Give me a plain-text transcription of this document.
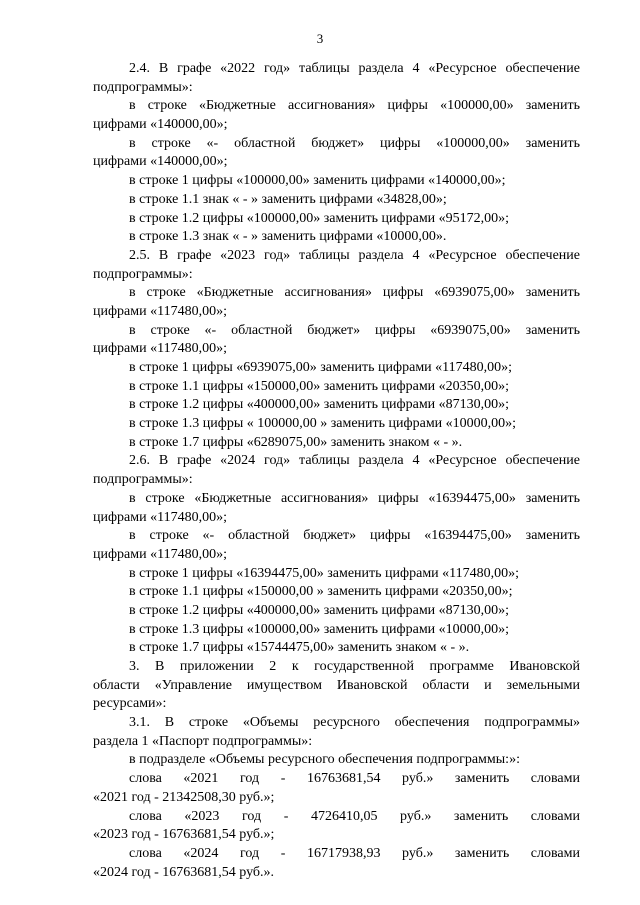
3
2.4. В графе «2022 год» таблицы раздела 4 «Ресурсное обеспечение
подпрограммы»:
в строке «Бюджетные ассигнования» цифры «100000,00» заменить
цифрами «140000,00»;
в строке «- областной бюджет» цифры «100000,00» заменить
цифрами «140000,00»;
в строке 1 цифры «100000,00» заменить цифрами «140000,00»;
в строке 1.1 знак « - » заменить цифрами «34828,00»;
в строке 1.2 цифры «100000,00» заменить цифрами «95172,00»;
в строке 1.3 знак « - » заменить цифрами «10000,00».
2.5. В графе «2023 год» таблицы раздела 4 «Ресурсное обеспечение
подпрограммы»:
в строке «Бюджетные ассигнования» цифры «6939075,00» заменить
цифрами «117480,00»;
в строке «- областной бюджет» цифры «6939075,00» заменить
цифрами «117480,00»;
в строке 1 цифры «6939075,00» заменить цифрами «117480,00»;
в строке 1.1 цифры «150000,00» заменить цифрами «20350,00»;
в строке 1.2 цифры «400000,00» заменить цифрами «87130,00»;
в строке 1.3 цифры « 100000,00 » заменить цифрами «10000,00»;
в строке 1.7 цифры «6289075,00» заменить знаком « - ».
2.6. В графе «2024 год» таблицы раздела 4 «Ресурсное обеспечение
подпрограммы»:
в строке «Бюджетные ассигнования» цифры «16394475,00» заменить
цифрами «117480,00»;
в строке «- областной бюджет» цифры «16394475,00» заменить
цифрами «117480,00»;
в строке 1 цифры «16394475,00» заменить цифрами «117480,00»;
в строке 1.1 цифры «150000,00 » заменить цифрами «20350,00»;
в строке 1.2 цифры «400000,00» заменить цифрами «87130,00»;
в строке 1.3 цифры «100000,00» заменить цифрами «10000,00»;
в строке 1.7 цифры «15744475,00» заменить знаком « - ».
3. В приложении 2 к государственной программе Ивановской
области «Управление имуществом Ивановской области и земельными
ресурсами»:
3.1. В строке «Объемы ресурсного обеспечения подпрограммы»
раздела 1 «Паспорт подпрограммы»:
в подразделе «Объемы ресурсного обеспечения подпрограммы:»:
слова «2021 год - 16763681,54 руб.» заменить словами
«2021 год - 21342508,30 руб.»;
слова «2023 год - 4726410,05 руб.» заменить словами
«2023 год - 16763681,54 руб.»;
слова «2024 год - 16717938,93 руб.» заменить словами
«2024 год - 16763681,54 руб.».
